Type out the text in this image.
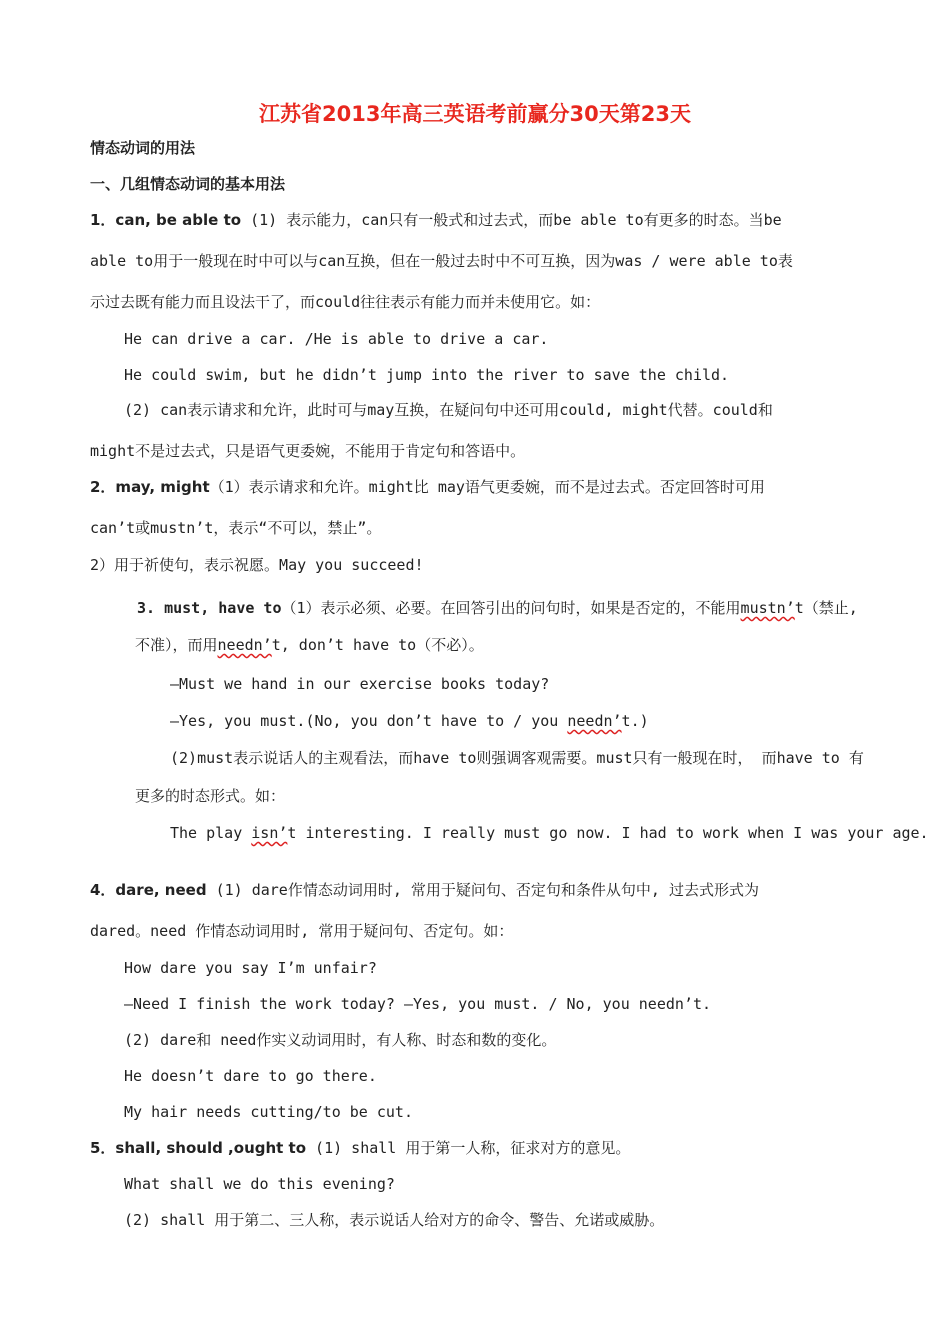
江苏省2013年高三英语考前赢分30天第23天
情态动词的用法
一、几组情态动词的基本用法
1．can, be able to (1) 表示能力，can只有一般式和过去式，而be able to有更多的时态。当be
able to用于一般现在时中可以与can互换，但在一般过去时中不可互换，因为was / were able to表
示过去既有能力而且设法干了，而could往往表示有能力而并未使用它。如：
He can drive a car. /He is able to drive a car.
He could swim, but he didn’t jump into the river to save the child.
(2) can表示请求和允许，此时可与may互换，在疑问句中还可用could, might代替。could和
might不是过去式，只是语气更委婉，不能用于肯定句和答语中。
2．may, might（1）表示请求和允许。might比 may语气更委婉，而不是过去式。否定回答时可用
can’t或mustn’t，表示“不可以，禁止”。
2）用于祈使句，表示祝愿。May you succeed!
3. must, have to（1）表示必须、必要。在回答引出的问句时，如果是否定的，不能用mustn’t（禁止,
不准），而用needn’t, don’t have to（不必）。
—Must we hand in our exercise books today?
—Yes, you must.(No, you don’t have to / you needn’t.)
(2)must表示说话人的主观看法，而have to则强调客观需要。must只有一般现在时， 而have to 有
更多的时态形式。如：
The play isn’t interesting. I really must go now. I had to work when I was your age.
4．dare, need (1) dare作情态动词用时, 常用于疑问句、否定句和条件从句中, 过去式形式为
dared。need 作情态动词用时, 常用于疑问句、否定句。如：
How dare you say I’m unfair?
—Need I finish the work today? —Yes, you must. / No, you needn’t.
(2) dare和 need作实义动词用时，有人称、时态和数的变化。
He doesn’t dare to go there.
My hair needs cutting/to be cut.
5．shall, should ,ought to (1) shall 用于第一人称，征求对方的意见。
What shall we do this evening?
(2) shall 用于第二、三人称，表示说话人给对方的命令、警告、允诺或威胁。
